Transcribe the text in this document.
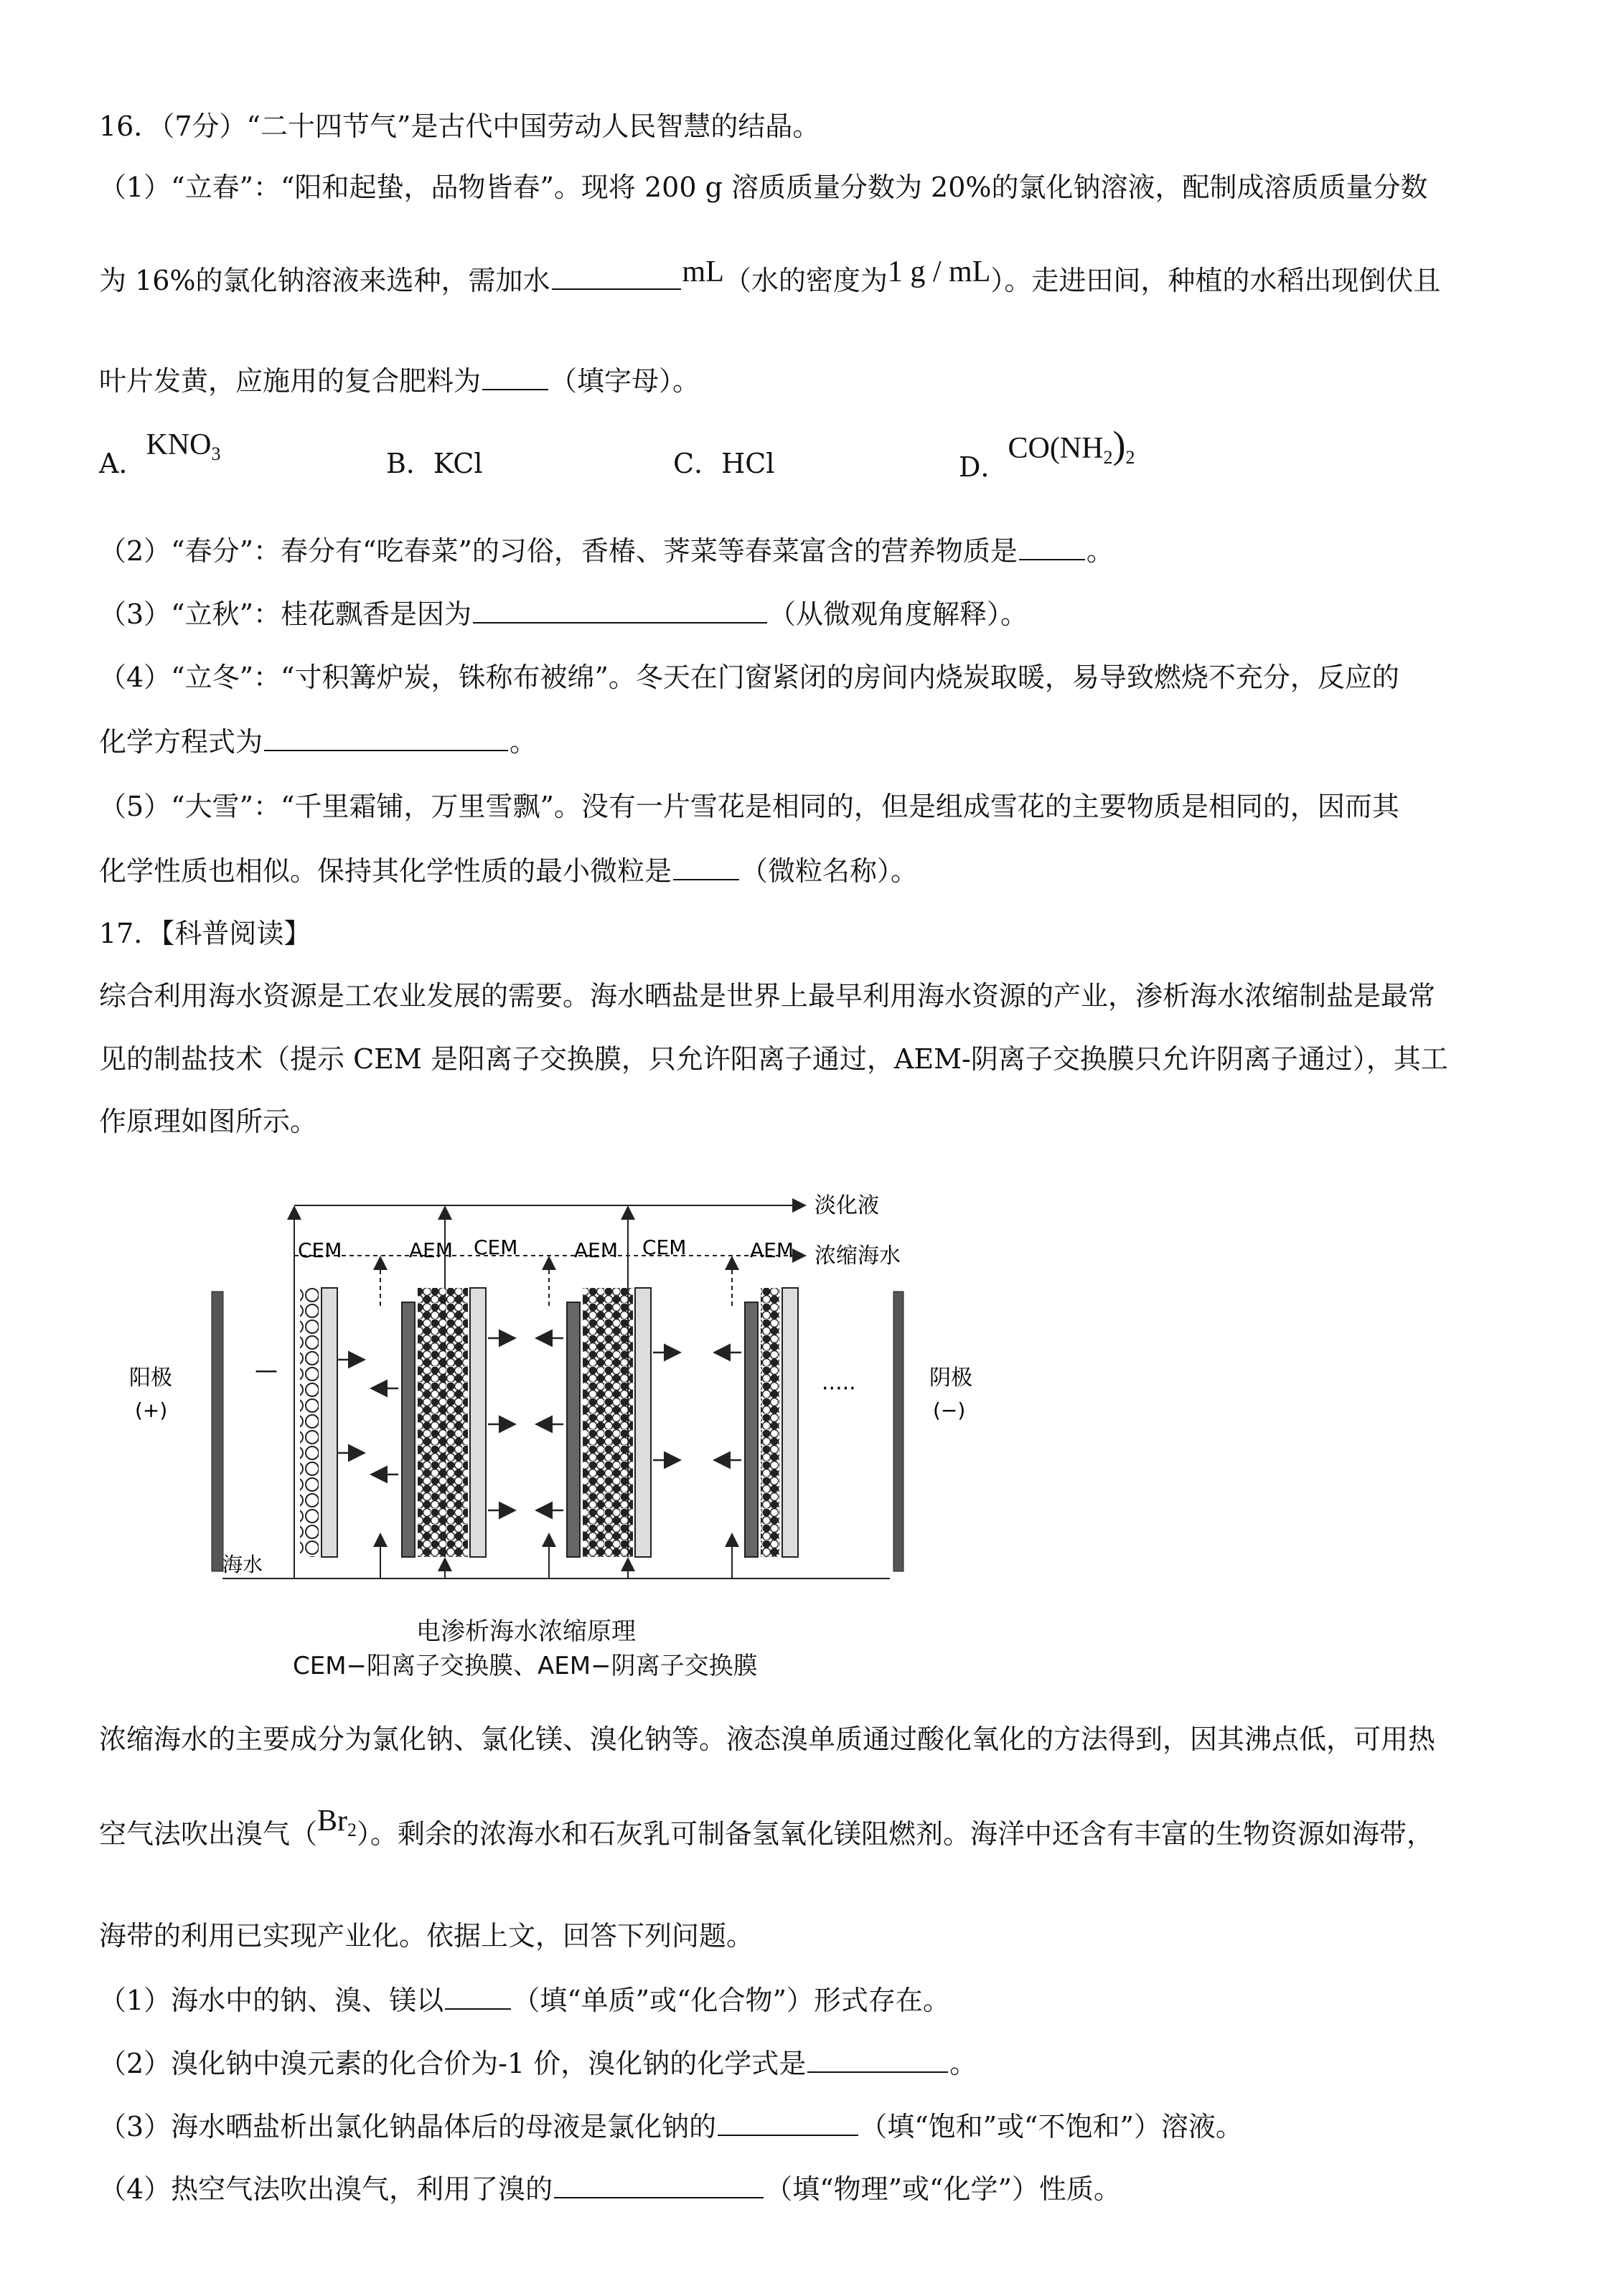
16．（7分）“二十四节气”是古代中国劳动人民智慧的结晶。
（1）“立春”：“阳和起蛰，品物皆春”。现将 200 g 溶质质量分数为 20%的氯化钠溶液，配制成溶质质量分数
为 16%的氯化钠溶液来选种，需加水	mL（水的密度为1 g / mL）。走进田间，种植的水稻出现倒伏且
叶片发黄，应施用的复合肥料为	（填字母）。
A．$KNO_3$	B．KCl	C．HCl	D．$CO(NH_2)_2$
（2）“春分”：春分有“吃春菜”的习俗，香椿、荠菜等春菜富含的营养物质是	。
（3）“立秋”：桂花飘香是因为	（从微观角度解释）。
（4）“立冬”：“寸积篝炉炭，铢称布被绵”。冬天在门窗紧闭的房间内烧炭取暖，易导致燃烧不充分，反应的
化学方程式为	。
（5）“大雪”：“千里霜铺，万里雪飘”。没有一片雪花是相同的，但是组成雪花的主要物质是相同的，因而其
化学性质也相似。保持其化学性质的最小微粒是	（微粒名称）。
17．【科普阅读】
综合利用海水资源是工农业发展的需要。海水晒盐是世界上最早利用海水资源的产业，渗析海水浓缩制盐是最常
见的制盐技术（提示 CEM 是阳离子交换膜，只允许阳离子通过，AEM-阴离子交换膜只允许阴离子通过），其工
作原理如图所示。
淡化液
浓缩海水
CEM	AEM CEM	AEM CEM	AEM
阳极
(+)
阴极
(−)
—
·····
海水
电渗析海水浓缩原理
CEM−阳离子交换膜、AEM−阴离子交换膜
浓缩海水的主要成分为氯化钠、氯化镁、溴化钠等。液态溴单质通过酸化氧化的方法得到，因其沸点低，可用热
空气法吹出溴气$(Br_2)$。剩余的浓海水和石灰乳可制备氢氧化镁阻燃剂。海洋中还含有丰富的生物资源如海带，
海带的利用已实现产业化。依据上文，回答下列问题。
（1）海水中的钠、溴、镁以	（填“单质”或“化合物”）形式存在。
（2）溴化钠中溴元素的化合价为-1 价，溴化钠的化学式是	。
（3）海水晒盐析出氯化钠晶体后的母液是氯化钠的	（填“饱和”或“不饱和”）溶液。
（4）热空气法吹出溴气，利用了溴的	（填“物理”或“化学”）性质。
